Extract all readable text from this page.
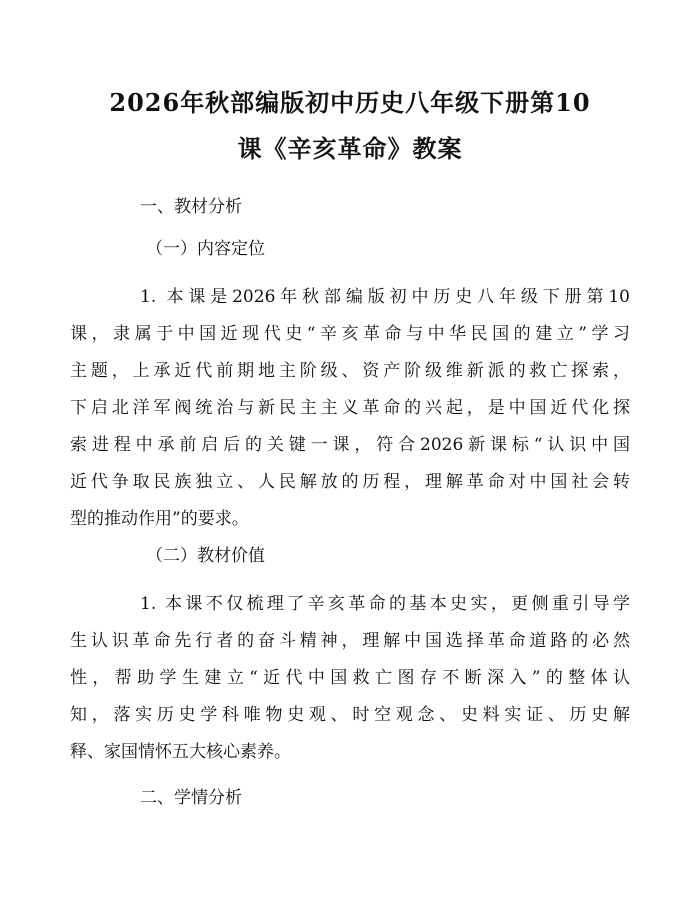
2026年秋部编版初中历史八年级下册第10
课《辛亥革命》教案
一、教材分析
（一）内容定位
1. 本课是2026年秋部编版初中历史八年级下册第10
课，隶属于中国近现代史“辛亥革命与中华民国的建立”学习
主题，上承近代前期地主阶级、资产阶级维新派的救亡探索，
下启北洋军阀统治与新民主主义革命的兴起，是中国近代化探
索进程中承前启后的关键一课，符合2026新课标“认识中国
近代争取民族独立、人民解放的历程，理解革命对中国社会转
型的推动作用”的要求。
（二）教材价值
1. 本课不仅梳理了辛亥革命的基本史实，更侧重引导学
生认识革命先行者的奋斗精神，理解中国选择革命道路的必然
性，帮助学生建立“近代中国救亡图存不断深入”的整体认
知，落实历史学科唯物史观、时空观念、史料实证、历史解
释、家国情怀五大核心素养。
二、学情分析
